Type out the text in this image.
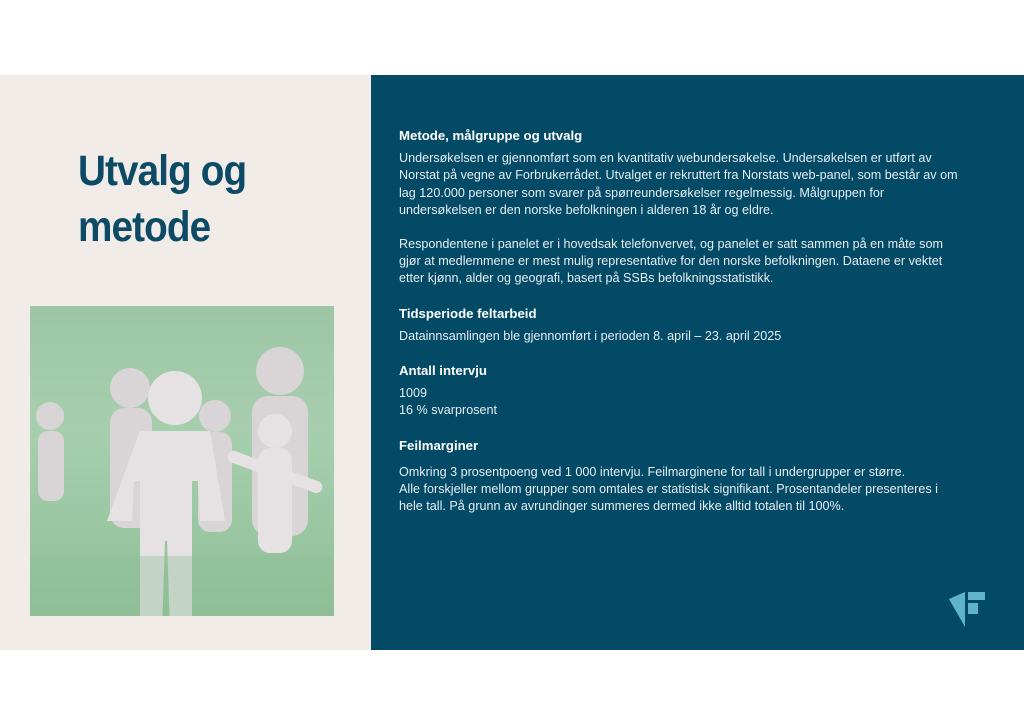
Utvalg og
metode
Metode, målgruppe og utvalg

Undersøkelsen er gjennomført som en kvantitativ webundersøkelse. Undersøkelsen er utført av Norstat på vegne av Forbrukerrådet. Utvalget er rekruttert fra Norstats web-panel, som består av om lag 120.000 personer som svarer på spørreundersøkelser regelmessig. Målgruppen for undersøkelsen er den norske befolkningen i alderen 18 år og eldre.

Respondentene i panelet er i hovedsak telefonvervet, og panelet er satt sammen på en måte som gjør at medlemmene er mest mulig representative for den norske befolkningen. Dataene er vektet etter kjønn, alder og geografi, basert på SSBs befolkningsstatistikk.

Tidsperiode feltarbeid

Datainnsamlingen ble gjennomført i perioden 8. april – 23. april 2025

Antall intervju

1009

16 % svarprosent

Feilmarginer

Omkring 3 prosentpoeng ved 1 000 intervju. Feilmarginene for tall i undergrupper er større.

Alle forskjeller mellom grupper som omtales er statistisk signifikant. Prosentandeler presenteres i hele tall. På grunn av avrundinger summeres dermed ikke alltid totalen til 100%.
